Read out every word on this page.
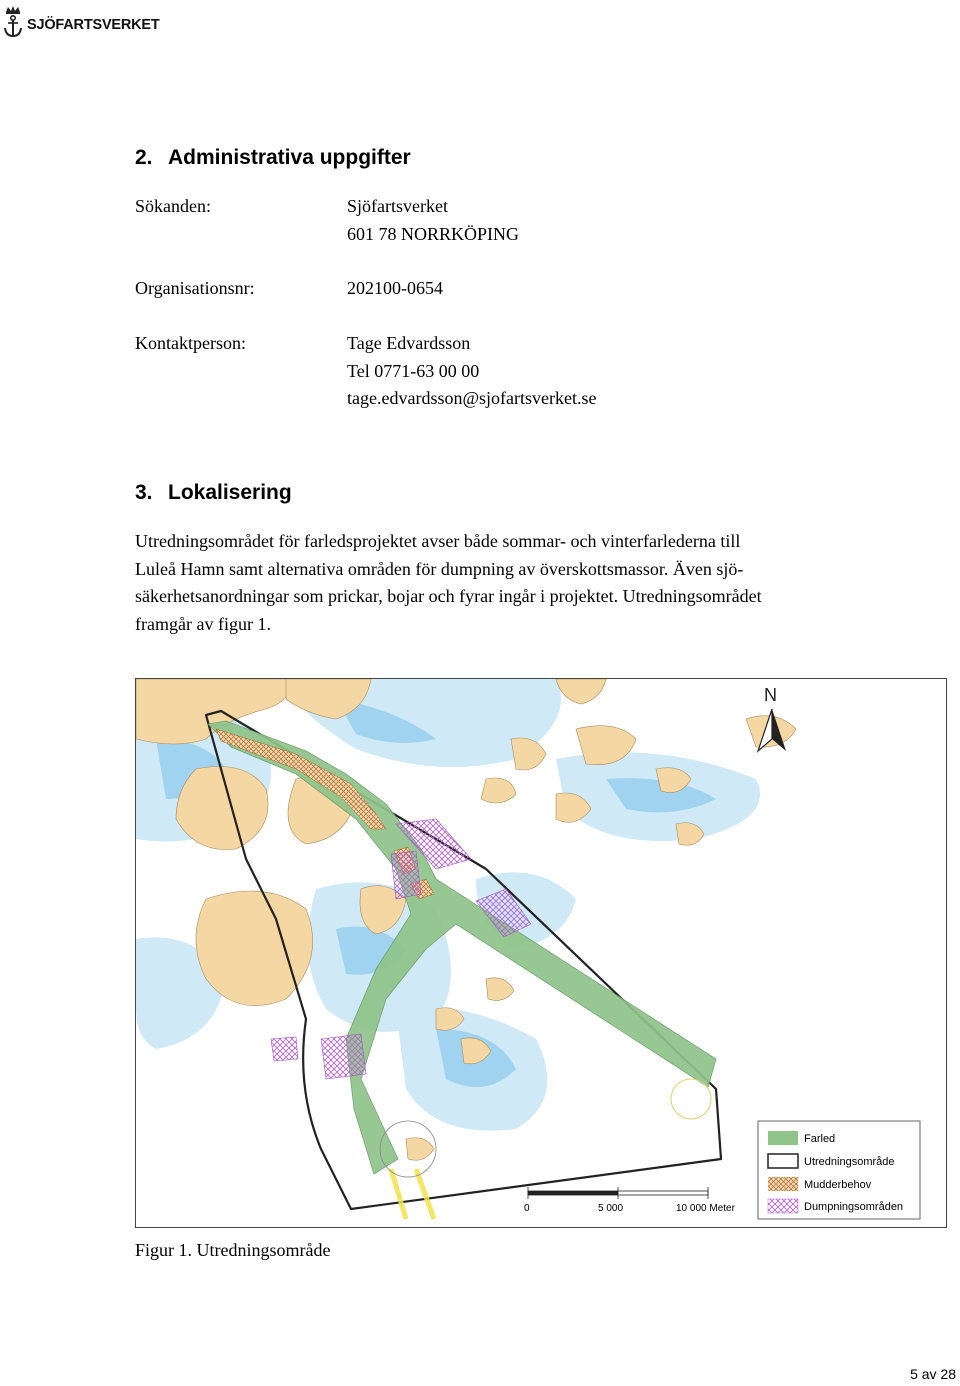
SJÖFARTSVERKET
2. Administrativa uppgifter
Sökanden:	Sjöfartsverket
601 78 NORRKÖPING
Organisationsnr:	202100-0654
Kontaktperson:	Tage Edvardsson
Tel 0771-63 00 00
tage.edvardsson@sjofartsverket.se
3. Lokalisering
Utredningsområdet för farledsprojektet avser både sommar- och vinterfarlederna till
Luleå Hamn samt alternativa områden för dumpning av överskottsmassor. Även sjö-
säkerhetsanordningar som prickar, bojar och fyrar ingår i projektet. Utredningsområdet
framgår av figur 1.
N
0	5 000	10 000 Meter
Farled
Utredningsområde
Mudderbehov
Dumpningsområden
Figur 1. Utredningsområde
5 av 28
